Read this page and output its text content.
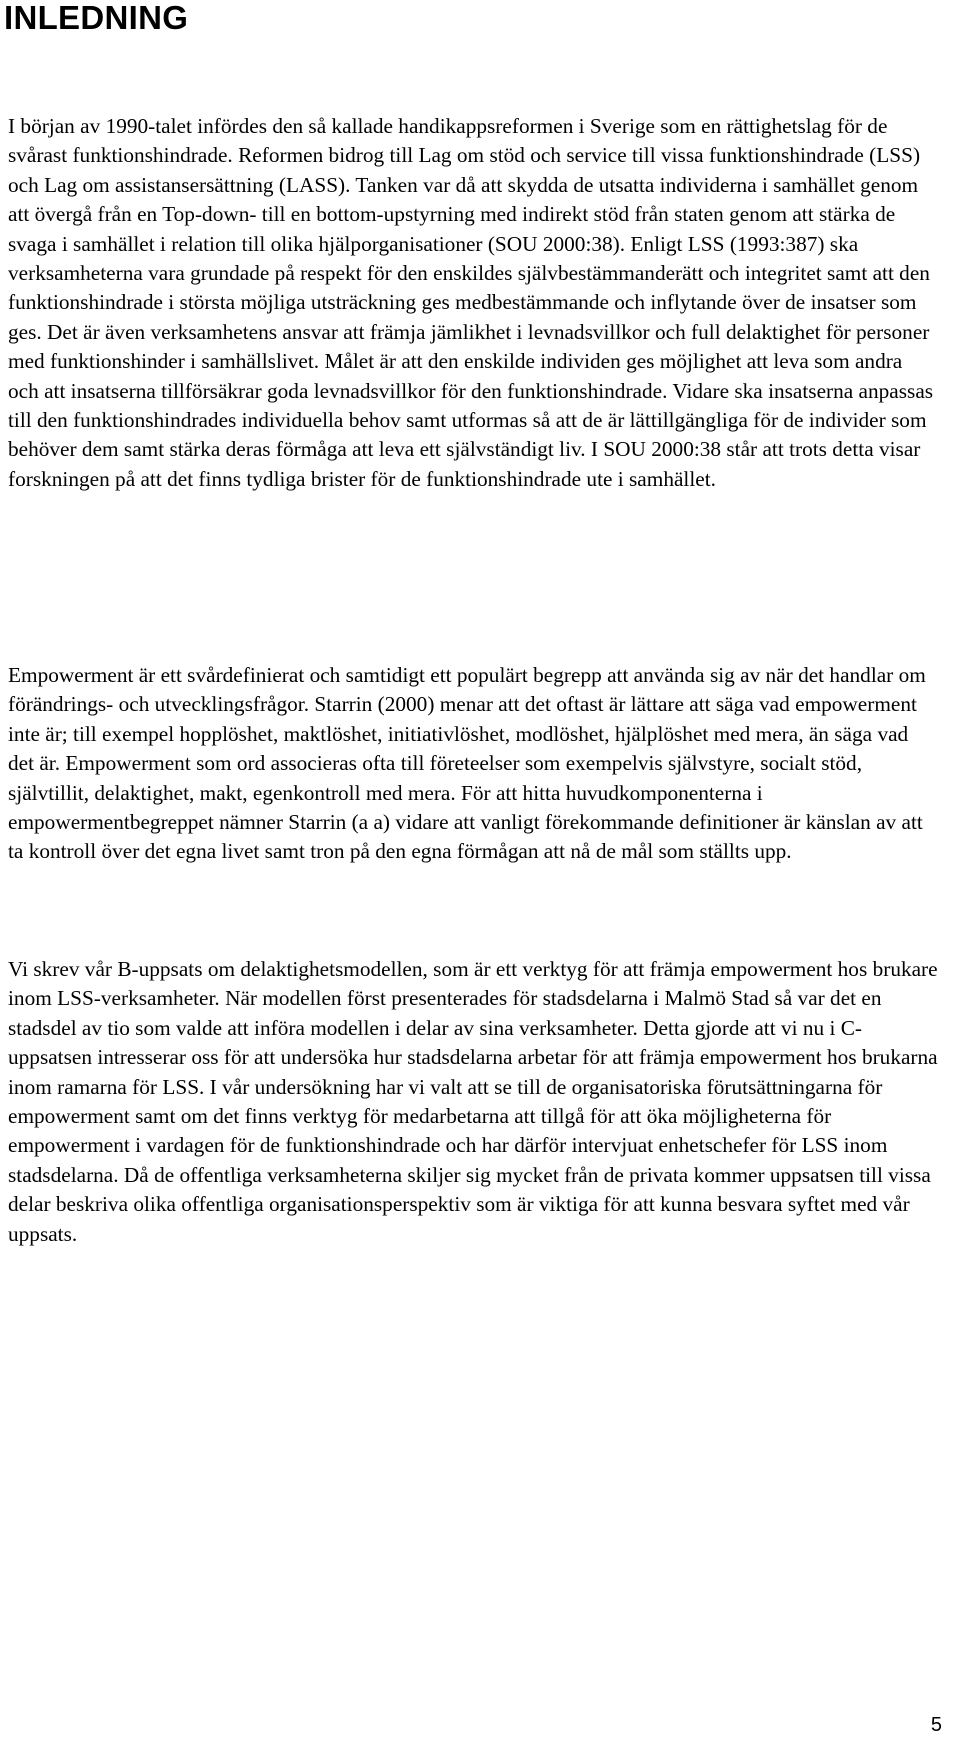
INLEDNING

I början av 1990-talet infördes den så kallade handikappsreformen i Sverige som en rättighetslag för de svårast funktionshindrade. Reformen bidrog till Lag om stöd och service till vissa funktionshindrade (LSS) och Lag om assistansersättning (LASS). Tanken var då att skydda de utsatta individerna i samhället genom att övergå från en Top-down- till en bottom-upstyrning med indirekt stöd från staten genom att stärka de svaga i samhället i relation till olika hjälporganisationer (SOU 2000:38). Enligt LSS (1993:387) ska verksamheterna vara grundade på respekt för den enskildes självbestämmanderätt och integritet samt att den funktionshindrade i största möjliga utsträckning ges medbestämmande och inflytande över de insatser som ges. Det är även verksamhetens ansvar att främja jämlikhet i levnadsvillkor och full delaktighet för personer med funktionshinder i samhällslivet. Målet är att den enskilde individen ges möjlighet att leva som andra och att insatserna tillförsäkrar goda levnadsvillkor för den funktionshindrade. Vidare ska insatserna anpassas till den funktionshindrades individuella behov samt utformas så att de är lättillgängliga för de individer som behöver dem samt stärka deras förmåga att leva ett självständigt liv. I SOU 2000:38 står att trots detta visar forskningen på att det finns tydliga brister för de funktionshindrade ute i samhället.

Empowerment är ett svårdefinierat och samtidigt ett populärt begrepp att använda sig av när det handlar om förändrings- och utvecklingsfrågor. Starrin (2000) menar att det oftast är lättare att säga vad empowerment inte är; till exempel hopplöshet, maktlöshet, initiativlöshet, modlöshet, hjälplöshet med mera, än säga vad det är. Empowerment som ord associeras ofta till företeelser som exempelvis självstyre, socialt stöd, självtillit, delaktighet, makt, egenkontroll med mera. För att hitta huvudkomponenterna i empowermentbegreppet nämner Starrin (a a) vidare att vanligt förekommande definitioner är känslan av att ta kontroll över det egna livet samt tron på den egna förmågan att nå de mål som ställts upp.

Vi skrev vår B-uppsats om delaktighetsmodellen, som är ett verktyg för att främja empowerment hos brukare inom LSS-verksamheter. När modellen först presenterades för stadsdelarna i Malmö Stad så var det en stadsdel av tio som valde att införa modellen i delar av sina verksamheter. Detta gjorde att vi nu i C-uppsatsen intresserar oss för att undersöka hur stadsdelarna arbetar för att främja empowerment hos brukarna inom ramarna för LSS. I vår undersökning har vi valt att se till de organisatoriska förutsättningarna för empowerment samt om det finns verktyg för medarbetarna att tillgå för att öka möjligheterna för empowerment i vardagen för de funktionshindrade och har därför intervjuat enhetschefer för LSS inom stadsdelarna. Då de offentliga verksamheterna skiljer sig mycket från de privata kommer uppsatsen till vissa delar beskriva olika offentliga organisationsperspektiv som är viktiga för att kunna besvara syftet med vår uppsats.

5
